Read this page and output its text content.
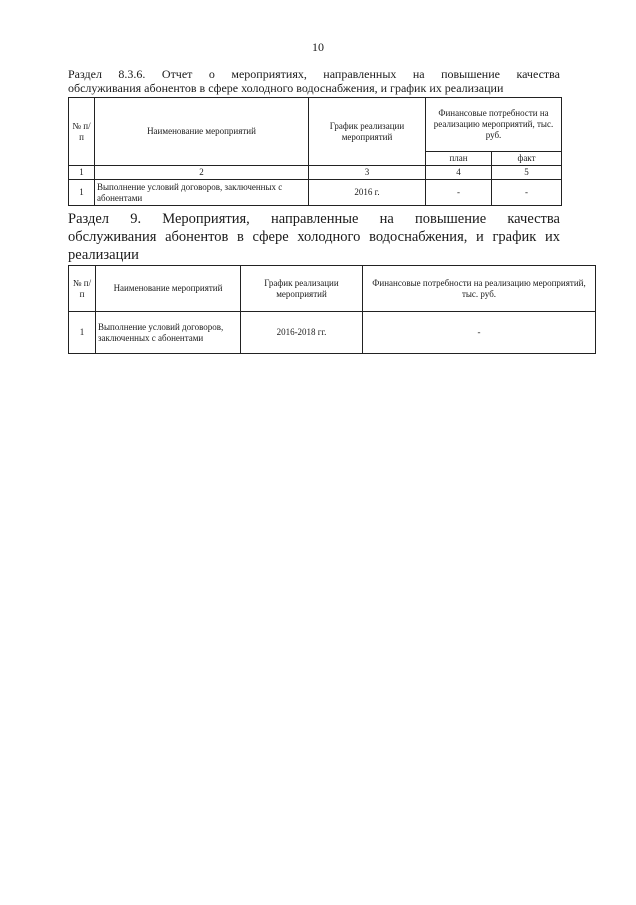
10
Раздел 8.3.6. Отчет о мероприятиях, направленных на повышение качества
обслуживания абонентов в сфере холодного водоснабжения, и график их реализации
№ п/п	Наименование мероприятий	График реализации мероприятий	Финансовые потребности на реализацию мероприятий, тыс. руб.	
			план	факт
1	2	3	4	5
1	Выполнение условий договоров, заключенных с абонентами	2016 г.	-	-
Раздел 9. Мероприятия, направленные на повышение качества
обслуживания абонентов в сфере холодного водоснабжения, и график их
реализации
№ п/п	Наименование мероприятий	График реализации мероприятий	Финансовые потребности на реализацию мероприятий, тыс. руб.
1	Выполнение условий договоров, заключенных с абонентами	2016-2018 гг.	-
